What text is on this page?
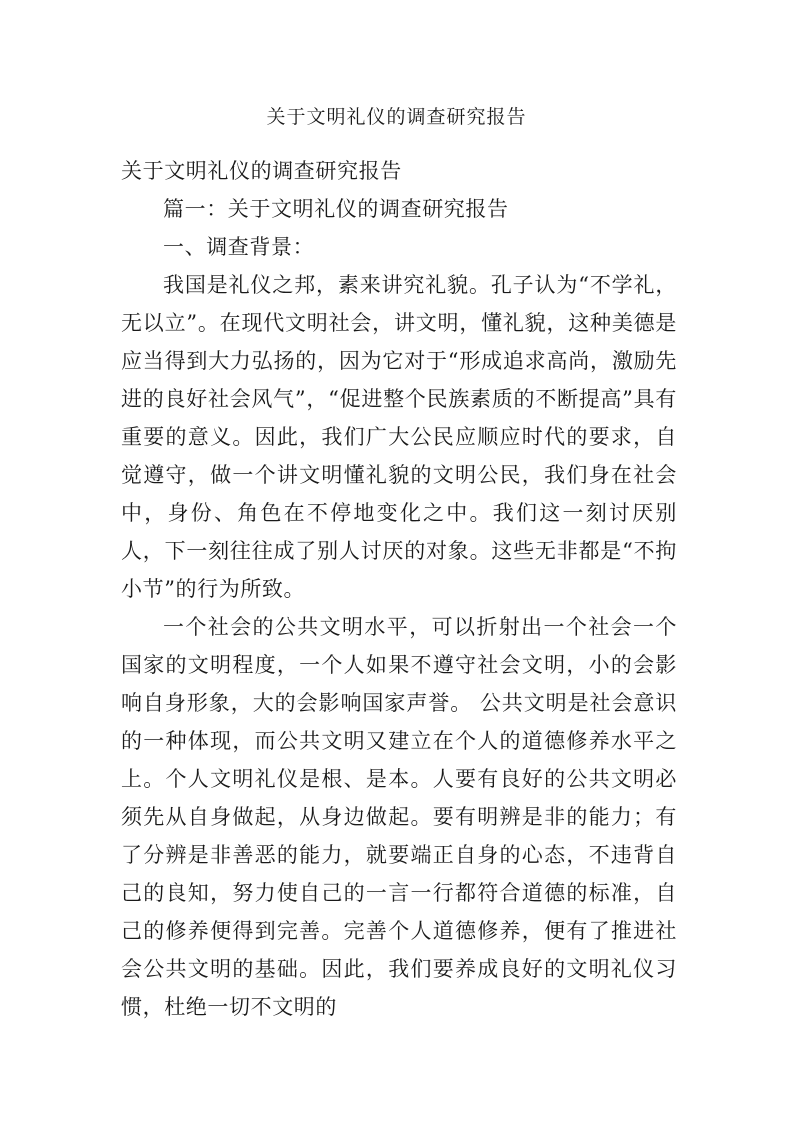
关于文明礼仪的调查研究报告

关于文明礼仪的调查研究报告

篇一：关于文明礼仪的调查研究报告

一、调查背景：

我国是礼仪之邦，素来讲究礼貌。孔子认为“不学礼，无以立”。在现代文明社会，讲文明，懂礼貌，这种美德是应当得到大力弘扬的，因为它对于“形成追求高尚，激励先进的良好社会风气”，“促进整个民族素质的不断提高”具有重要的意义。因此，我们广大公民应顺应时代的要求，自觉遵守，做一个讲文明懂礼貌的文明公民，我们身在社会中，身份、角色在不停地变化之中。我们这一刻讨厌别人，下一刻往往成了别人讨厌的对象。这些无非都是“不拘小节”的行为所致。

一个社会的公共文明水平，可以折射出一个社会一个国家的文明程度，一个人如果不遵守社会文明，小的会影响自身形象，大的会影响国家声誉。 公共文明是社会意识的一种体现，而公共文明又建立在个人的道德修养水平之上。个人文明礼仪是根、是本。人要有良好的公共文明必须先从自身做起，从身边做起。要有明辨是非的能力；有了分辨是非善恶的能力，就要端正自身的心态，不违背自己的良知，努力使自己的一言一行都符合道德的标准，自己的修养便得到完善。完善个人道德修养，便有了推进社会公共文明的基础。因此，我们要养成良好的文明礼仪习惯，杜绝一切不文明的
